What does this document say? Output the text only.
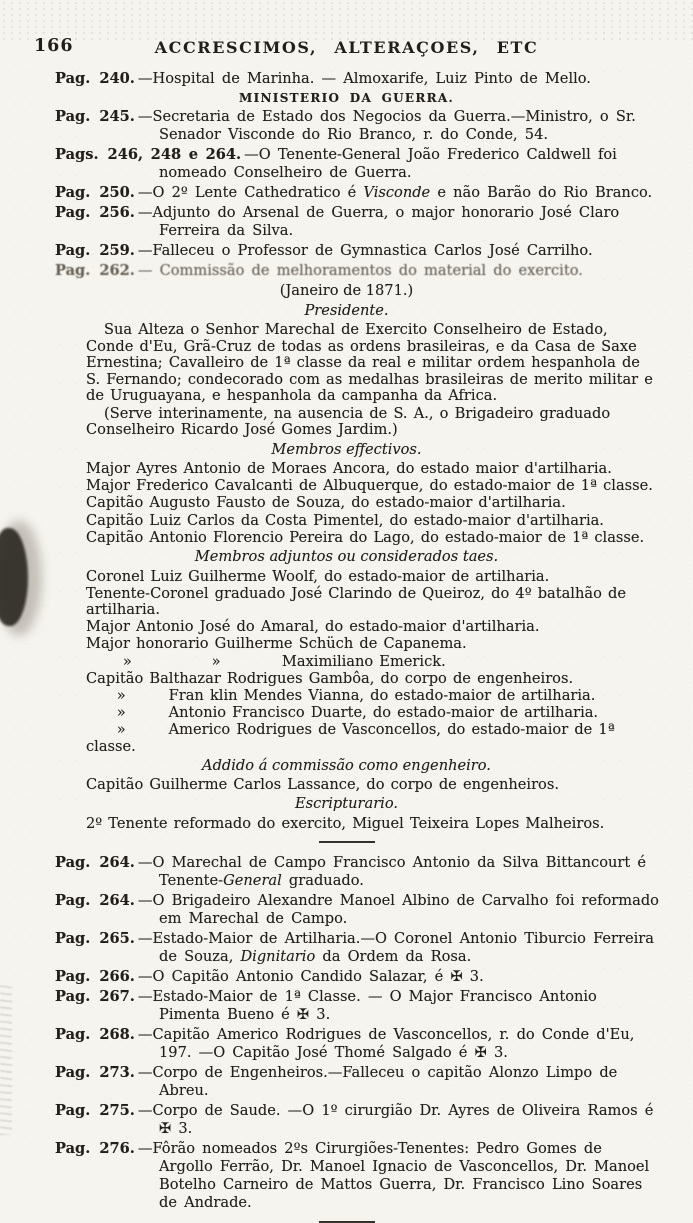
166	ACCRESCIMOS, ALTERAÇOES, ETC
Pag. 240. —Hospital de Marinha. — Almoxarife, Luiz Pinto de Mello.
MINISTERIO DA GUERRA.
Pag. 245. —Secretaria de Estado dos Negocios da Guerra.—Ministro, o Sr. Senador Visconde do Rio Branco, r. do Conde, 54.
Pags. 246, 248 e 264. —O Tenente-General João Frederico Caldwell foi nomeado Conselheiro de Guerra.
Pag. 250. —O 2º Lente Cathedratico é Visconde e não Barão do Rio Branco.
Pag. 256. —Adjunto do Arsenal de Guerra, o major honorario José Claro Ferreira da Silva.
Pag. 259. —Falleceu o Professor de Gymnastica Carlos José Carrilho.
Pag. 262. — Commissão de melhoramentos do material do exercito.
(Janeiro de 1871.)
Presidente.
Sua Alteza o Senhor Marechal de Exercito Conselheiro de Estado, Conde d'Eu, Grã-Cruz de todas as ordens brasileiras, e da Casa de Saxe Ernestina; Cavalleiro de 1ª classe da real e militar ordem hespanhola de S. Fernando; condecorado com as medalhas brasileiras de merito militar e de Uruguayana, e hespanhola da campanha da Africa.
(Serve interinamente, na ausencia de S. A., o Brigadeiro graduado Conselheiro Ricardo José Gomes Jardim.)
Membros effectivos.
Major Ayres Antonio de Moraes Ancora, do estado maior d'artilharia.
Major Frederico Cavalcanti de Albuquerque, do estado-maior de 1ª classe.
Capitão Augusto Fausto de Souza, do estado-maior d'artilharia.
Capitão Luiz Carlos da Costa Pimentel, do estado-maior d'artilharia.
Capitão Antonio Florencio Pereira do Lago, do estado-maior de 1ª classe.
Membros adjuntos ou considerados taes.
Coronel Luiz Guilherme Woolf, do estado-maior de artilharia.
Tenente-Coronel graduado José Clarindo de Queiroz, do 4º batalhão de artilharia.
Major Antonio José do Amaral, do estado-maior d'artilharia.
Major honorario Guilherme Schüch de Capanema.
»             »          Maximiliano Emerick.
Capitão Balthazar Rodrigues Gambôa, do corpo de engenheiros.
»       Fran klin Mendes Vianna, do estado-maior de artilharia.
»       Antonio Francisco Duarte, do estado-maior de artilharia.
»       Americo Rodrigues de Vasconcellos, do estado-maior de 1ª classe.
Addido á commissão como engenheiro.
Capitão Guilherme Carlos Lassance, do corpo de engenheiros.
Escripturario.
2º Tenente reformado do exercito, Miguel Teixeira Lopes Malheiros.
Pag. 264. —O Marechal de Campo Francisco Antonio da Silva Bittancourt é Tenente-General graduado.
Pag. 264. —O Brigadeiro Alexandre Manoel Albino de Carvalho foi reformado em Marechal de Campo.
Pag. 265. —Estado-Maior de Artilharia.—O Coronel Antonio Tiburcio Ferreira de Souza, Dignitario da Ordem da Rosa.
Pag. 266. —O Capitão Antonio Candido Salazar, é ✠ 3.
Pag. 267. —Estado-Maior de 1ª Classe. — O Major Francisco Antonio Pimenta Bueno é ✠ 3.
Pag. 268. —Capitão Americo Rodrigues de Vasconcellos, r. do Conde d'Eu, 197. —O Capitão José Thomé Salgado é ✠ 3.
Pag. 273. —Corpo de Engenheiros.—Falleceu o capitão Alonzo Limpo de Abreu.
Pag. 275. —Corpo de Saude. —O 1º cirurgião Dr. Ayres de Oliveira Ramos é ✠ 3.
Pag. 276. —Fôrão nomeados 2ºs Cirurgiões-Tenentes: Pedro Gomes de Argollo Ferrão, Dr. Manoel Ignacio de Vasconcellos, Dr. Manoel Botelho Carneiro de Mattos Guerra, Dr. Francisco Lino Soares de Andrade.
